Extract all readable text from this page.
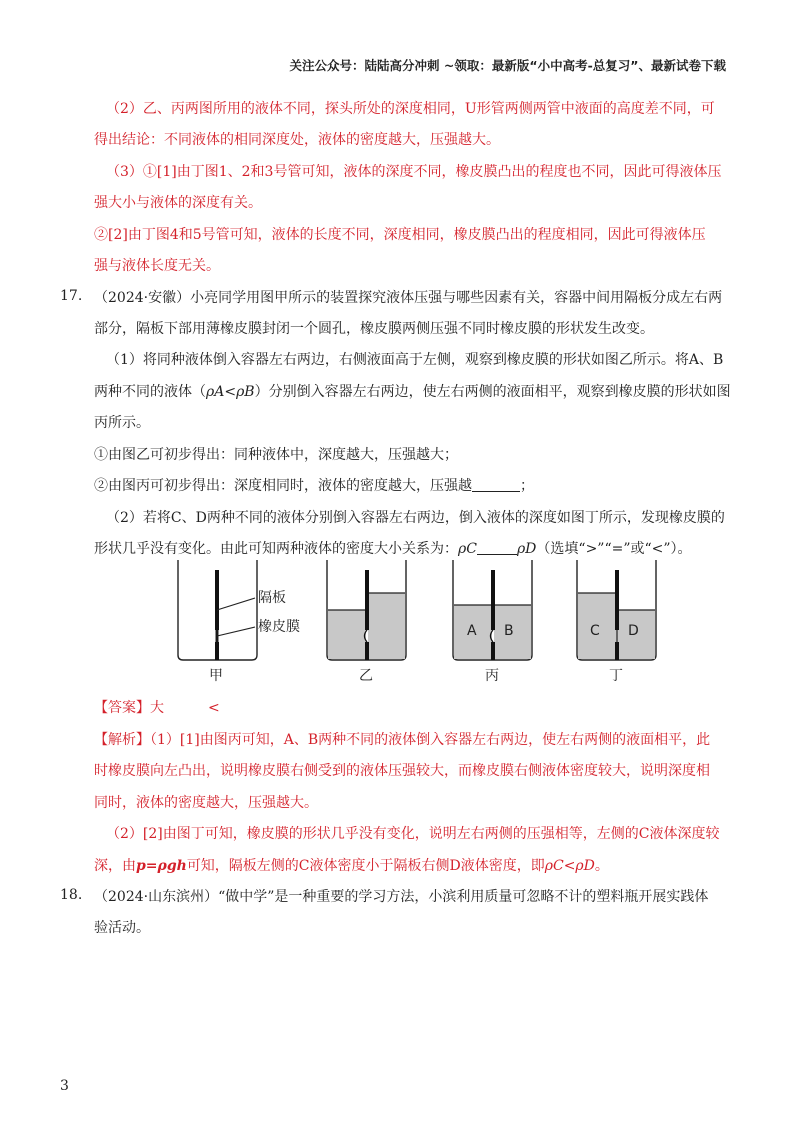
关注公众号：陆陆高分冲刺 ~领取：最新版“小中高考-总复习”、最新试卷下载
（2）乙、丙两图所用的液体不同，探头所处的深度相同，U形管两侧两管中液面的高度差不同，可
得出结论：不同液体的相同深度处，液体的密度越大，压强越大。
（3）①[1]由丁图1、2和3号管可知，液体的深度不同，橡皮膜凸出的程度也不同，因此可得液体压
强大小与液体的深度有关。
②[2]由丁图4和5号管可知，液体的长度不同，深度相同，橡皮膜凸出的程度相同，因此可得液体压
强与液体长度无关。
17. （2024·安徽）小亮同学用图甲所示的装置探究液体压强与哪些因素有关，容器中间用隔板分成左右两
部分，隔板下部用薄橡皮膜封闭一个圆孔，橡皮膜两侧压强不同时橡皮膜的形状发生改变。
（1）将同种液体倒入容器左右两边，右侧液面高于左侧，观察到橡皮膜的形状如图乙所示。将A、B
两种不同的液体（ρA<ρB）分别倒入容器左右两边，使左右两侧的液面相平，观察到橡皮膜的形状如图
丙所示。
①由图乙可初步得出：同种液体中，深度越大，压强越大；
②由图丙可初步得出：深度相同时，液体的密度越大，压强越	；
（2）若将C、D两种不同的液体分别倒入容器左右两边，倒入液体的深度如图丁所示，发现橡皮膜的
形状几乎没有变化。由此可知两种液体的密度大小关系为：ρC	ρD（选填“>”“=”或“<”）。
A B	C D
隔板
橡皮膜
甲	乙	丙	丁
【答案】大	<
【解析】（1）[1]由图丙可知，A、B两种不同的液体倒入容器左右两边，使左右两侧的液面相平，此
时橡皮膜向左凸出，说明橡皮膜右侧受到的液体压强较大，而橡皮膜右侧液体密度较大，说明深度相
同时，液体的密度越大，压强越大。
（2）[2]由图丁可知，橡皮膜的形状几乎没有变化，说明左右两侧的压强相等，左侧的C液体深度较
深，由p=ρgh可知，隔板左侧的C液体密度小于隔板右侧D液体密度，即ρC<ρD。
18. （2024·山东滨州）“做中学”是一种重要的学习方法，小滨利用质量可忽略不计的塑料瓶开展实践体
验活动。
3
